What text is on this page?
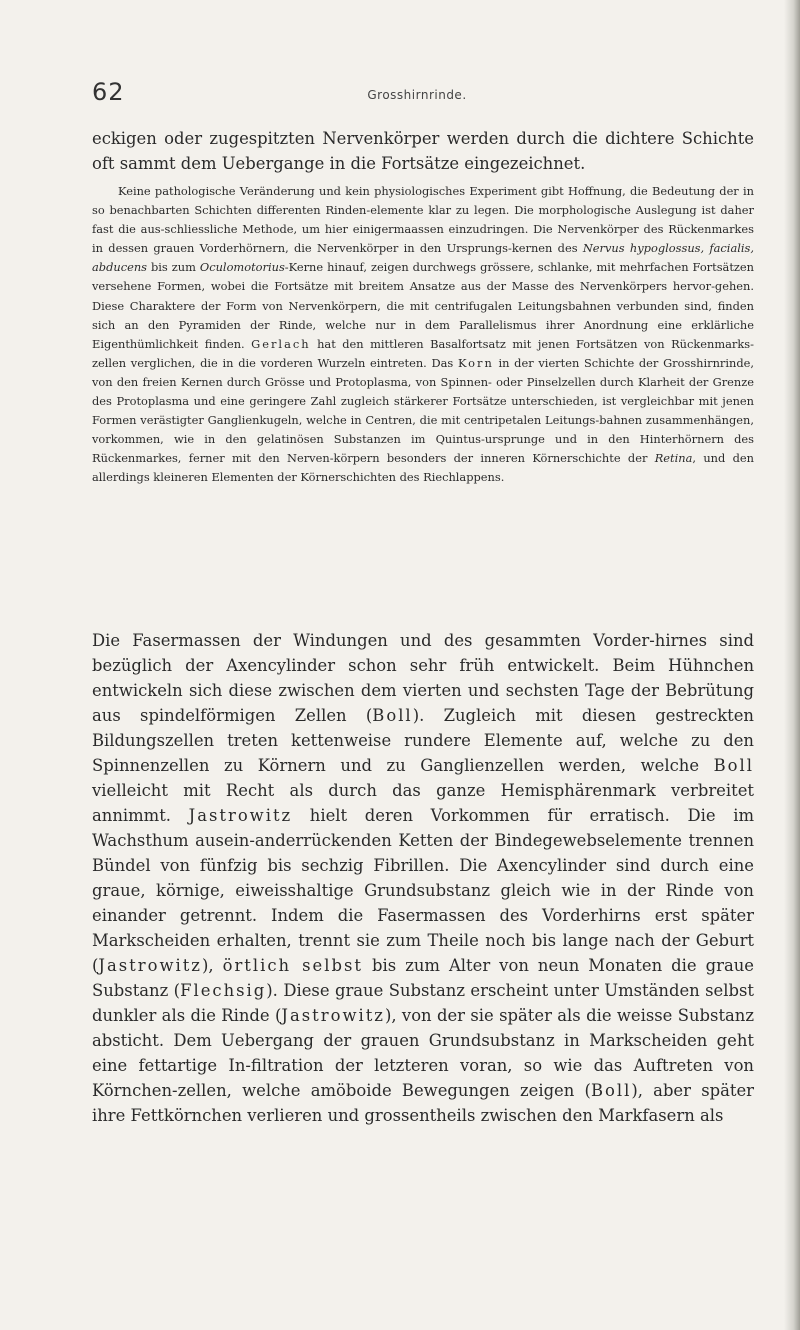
62	Grosshirnrinde.

eckigen oder zugespitzten Nervenkörper werden durch die dichtere Schichte oft sammt dem Uebergange in die Fortsätze eingezeichnet.

Keine pathologische Veränderung und kein physiologisches Experiment gibt Hoffnung, die Bedeutung der in so benachbarten Schichten differenten Rinden-elemente klar zu legen. Die morphologische Auslegung ist daher fast die aus-schliessliche Methode, um hier einigermaassen einzudringen. Die Nervenkörper des Rückenmarkes in dessen grauen Vorderhörnern, die Nervenkörper in den Ursprungs-kernen des Nervus hypoglossus, facialis, abducens bis zum Oculomotorius-Kerne hinauf, zeigen durchwegs grössere, schlanke, mit mehrfachen Fortsätzen versehene Formen, wobei die Fortsätze mit breitem Ansatze aus der Masse des Nervenkörpers hervor-gehen. Diese Charaktere der Form von Nervenkörpern, die mit centrifugalen Leitungsbahnen verbunden sind, finden sich an den Pyramiden der Rinde, welche nur in dem Parallelismus ihrer Anordnung eine erklärliche Eigenthümlichkeit finden. Gerlach hat den mittleren Basalfortsatz mit jenen Fortsätzen von Rückenmarks-zellen verglichen, die in die vorderen Wurzeln eintreten. Das Korn in der vierten Schichte der Grosshirnrinde, von den freien Kernen durch Grösse und Protoplasma, von Spinnen- oder Pinselzellen durch Klarheit der Grenze des Protoplasma und eine geringere Zahl zugleich stärkerer Fortsätze unterschieden, ist vergleichbar mit jenen Formen verästigter Ganglienkugeln, welche in Centren, die mit centripetalen Leitungs-bahnen zusammenhängen, vorkommen, wie in den gelatinösen Substanzen im Quintus-ursprunge und in den Hinterhörnern des Rückenmarkes, ferner mit den Nerven-körpern besonders der inneren Körnerschichte der Retina, und den allerdings kleineren Elementen der Körnerschichten des Riechlappens.

Die Fasermassen der Windungen und des gesammten Vorder-hirnes sind bezüglich der Axencylinder schon sehr früh entwickelt. Beim Hühnchen entwickeln sich diese zwischen dem vierten und sechsten Tage der Bebrütung aus spindelförmigen Zellen (Boll). Zugleich mit diesen gestreckten Bildungszellen treten kettenweise rundere Elemente auf, welche zu den Spinnenzellen zu Körnern und zu Ganglienzellen werden, welche Boll vielleicht mit Recht als durch das ganze Hemisphärenmark verbreitet annimmt. Jastrowitz hielt deren Vorkommen für erratisch. Die im Wachsthum ausein-anderrückenden Ketten der Bindegewebselemente trennen Bündel von fünfzig bis sechzig Fibrillen. Die Axencylinder sind durch eine graue, körnige, eiweisshaltige Grundsubstanz gleich wie in der Rinde von einander getrennt. Indem die Fasermassen des Vorderhirns erst später Markscheiden erhalten, trennt sie zum Theile noch bis lange nach der Geburt (Jastrowitz), örtlich selbst bis zum Alter von neun Monaten die graue Substanz (Flechsig). Diese graue Substanz erscheint unter Umständen selbst dunkler als die Rinde (Jastrowitz), von der sie später als die weisse Substanz absticht. Dem Uebergang der grauen Grundsubstanz in Markscheiden geht eine fettartige In-filtration der letzteren voran, so wie das Auftreten von Körnchen-zellen, welche amöboide Bewegungen zeigen (Boll), aber später ihre Fettkörnchen verlieren und grossentheils zwischen den Markfasern als
